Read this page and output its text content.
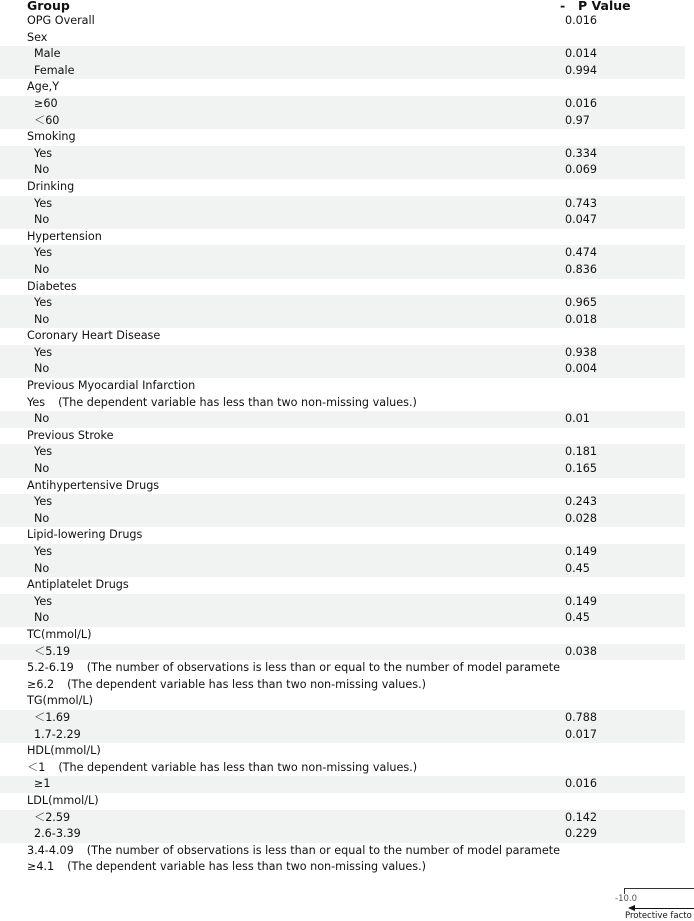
Group	- P Value
OPG Overall	0.016
Sex
Male	0.014
Female	0.994
Age,Y
≥60	0.016
＜60	0.97
Smoking
Yes	0.334
No	0.069
Drinking
Yes	0.743
No	0.047
Hypertension
Yes	0.474
No	0.836
Diabetes
Yes	0.965
No	0.018
Coronary Heart Disease
Yes	0.938
No	0.004
Previous Myocardial Infarction
Yes (The dependent variable has less than two non-missing values.)
No	0.01
Previous Stroke
Yes	0.181
No	0.165
Antihypertensive Drugs
Yes	0.243
No	0.028
Lipid-lowering Drugs
Yes	0.149
No	0.45
Antiplatelet Drugs
Yes	0.149
No	0.45
TC(mmol/L)
＜5.19	0.038
5.2-6.19 (The number of observations is less than or equal to the number of model paramete
≥6.2 (The dependent variable has less than two non-missing values.)
TG(mmol/L)
＜1.69	0.788
1.7-2.29	0.017
HDL(mmol/L)
＜1 (The dependent variable has less than two non-missing values.)
≥1	0.016
LDL(mmol/L)
＜2.59	0.142
2.6-3.39	0.229
3.4-4.09 (The number of observations is less than or equal to the number of model paramete
≥4.1 (The dependent variable has less than two non-missing values.)
-10.0
Protective facto
